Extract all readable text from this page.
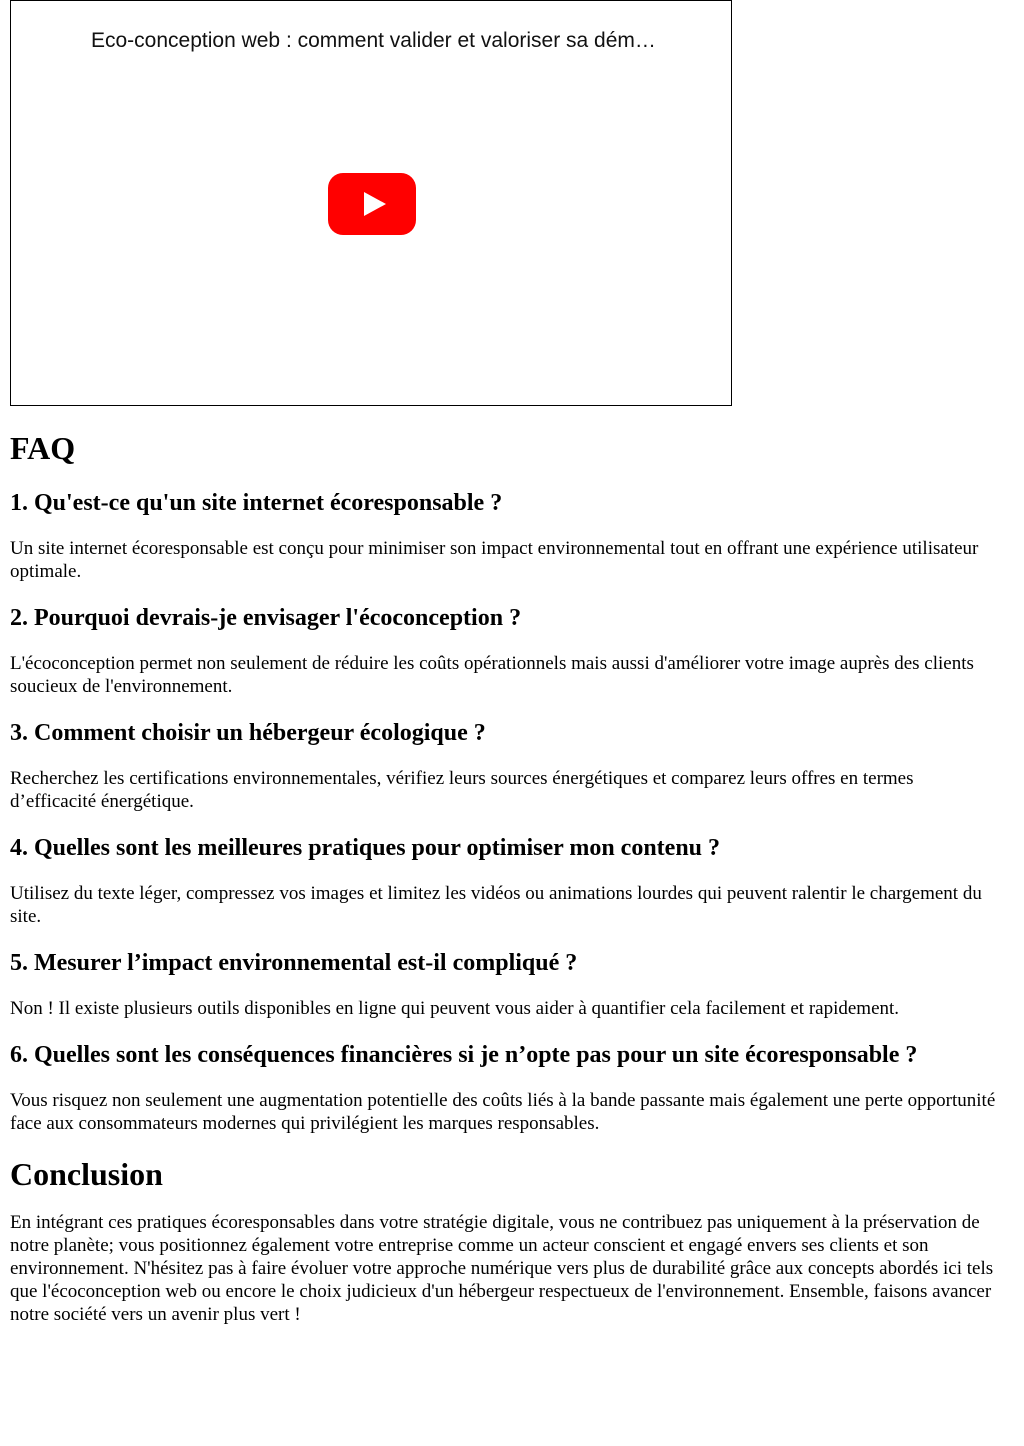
Eco-conception web : comment valider et valoriser sa dém…
FAQ
1. Qu'est-ce qu'un site internet écoresponsable ?

Un site internet écoresponsable est conçu pour minimiser son impact environnemental tout en offrant une expérience utilisateur optimale.

2. Pourquoi devrais-je envisager l'écoconception ?

L'écoconception permet non seulement de réduire les coûts opérationnels mais aussi d'améliorer votre image auprès des clients soucieux de l'environnement.

3. Comment choisir un hébergeur écologique ?

Recherchez les certifications environnementales, vérifiez leurs sources énergétiques et comparez leurs offres en termes d’efficacité énergétique.

4. Quelles sont les meilleures pratiques pour optimiser mon contenu ?

Utilisez du texte léger, compressez vos images et limitez les vidéos ou animations lourdes qui peuvent ralentir le chargement du site.

5. Mesurer l’impact environnemental est-il compliqué ?

Non ! Il existe plusieurs outils disponibles en ligne qui peuvent vous aider à quantifier cela facilement et rapidement.

6. Quelles sont les conséquences financières si je n’opte pas pour un site écoresponsable ?

Vous risquez non seulement une augmentation potentielle des coûts liés à la bande passante mais également une perte opportunité face aux consommateurs modernes qui privilégient les marques responsables.

Conclusion

En intégrant ces pratiques écoresponsables dans votre stratégie digitale, vous ne contribuez pas uniquement à la préservation de notre planète; vous positionnez également votre entreprise comme un acteur conscient et engagé envers ses clients et son environnement. N'hésitez pas à faire évoluer votre approche numérique vers plus de durabilité grâce aux concepts abordés ici tels que l'écoconception web ou encore le choix judicieux d'un hébergeur respectueux de l'environnement. Ensemble, faisons avancer notre société vers un avenir plus vert !
